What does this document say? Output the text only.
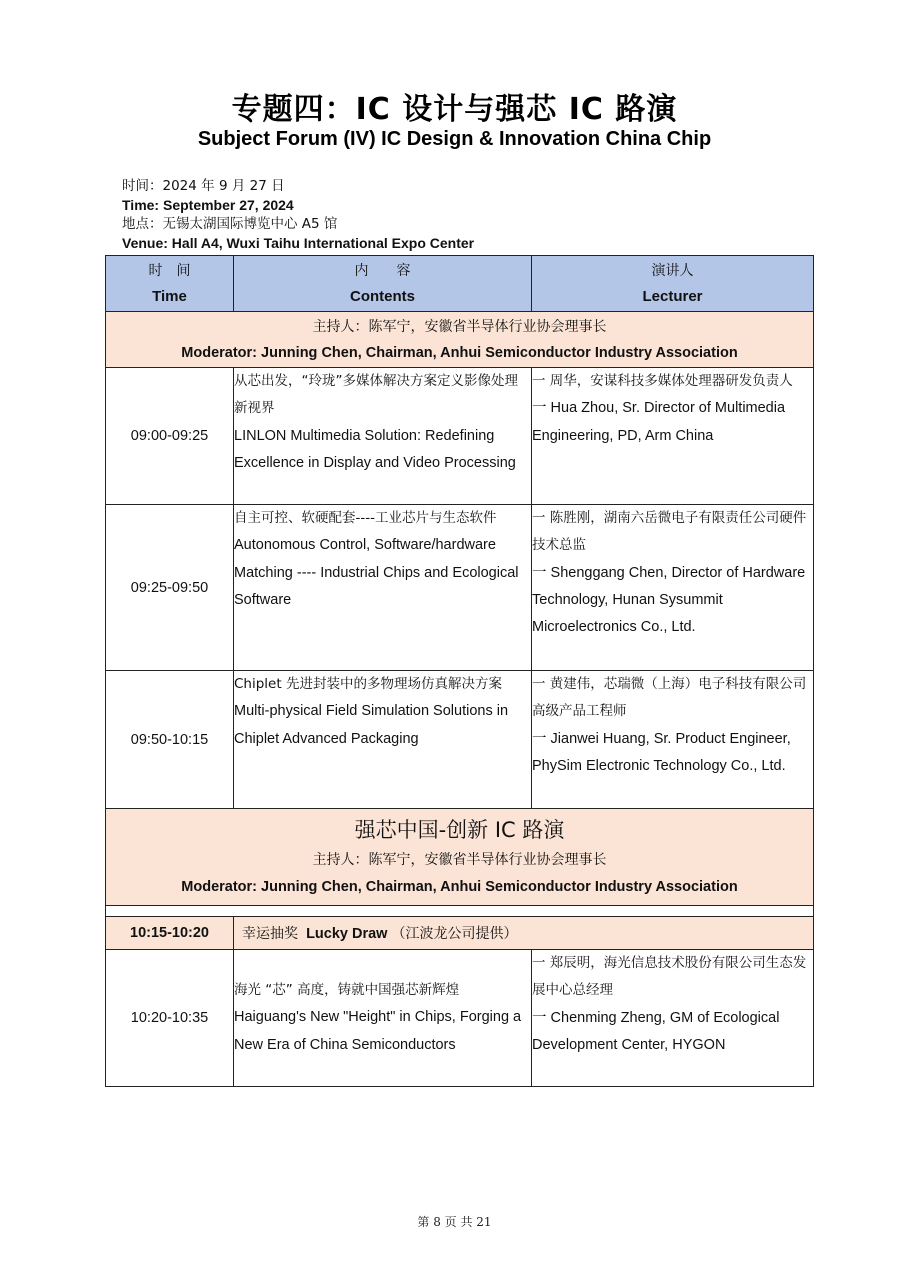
专题四：IC 设计与强芯 IC 路演
Subject Forum (IV) IC Design & Innovation China Chip
时间：2024 年 9 月 27 日
Time: September 27, 2024
地点：无锡太湖国际博览中心 A5 馆
Venue: Hall A4, Wuxi Taihu International Expo Center
时　间
Time	内　　容
Contents	演讲人
Lecturer

主持人：陈军宁，安徽省半导体行业协会理事长
Moderator: Junning Chen, Chairman, Anhui Semiconductor Industry Association		

09:00-09:25	从芯出发，“玲珑”多媒体解决方案定义影像处理新视界
LINLON Multimedia Solution: Redefining Excellence in Display and Video Processing	一 周华，安谋科技多媒体处理器研发负责人
一 Hua Zhou, Sr. Director of Multimedia Engineering, PD, Arm China

09:25-09:50	自主可控、软硬配套----工业芯片与生态软件
Autonomous Control, Software/hardware Matching ---- Industrial Chips and Ecological Software	一 陈胜刚，湖南六岳微电子有限责任公司硬件技术总监
一 Shenggang Chen, Director of Hardware Technology, Hunan Sysummit Microelectronics Co., Ltd.

09:50-10:15	Chiplet 先进封装中的多物理场仿真解决方案
Multi-physical Field Simulation Solutions in Chiplet Advanced Packaging	一 黄建伟，芯瑞微（上海）电子科技有限公司高级产品工程师
一 Jianwei Huang, Sr. Product Engineer, PhySim Electronic Technology Co., Ltd.

强芯中国-创新 IC 路演
主持人：陈军宁，安徽省半导体行业协会理事长
Moderator: Junning Chen, Chairman, Anhui Semiconductor Industry Association		

10:15-10:20	幸运抽奖 Lucky Draw （江波龙公司提供）	
10:20-10:35	海光 “芯” 高度，铸就中国强芯新辉煌
Haiguang's New "Height" in Chips, Forging a New Era of China Semiconductors	一 郑辰明，海光信息技术股份有限公司生态发展中心总经理
一 Chenming Zheng, GM of Ecological Development Center, HYGON
第 8 页 共 21
